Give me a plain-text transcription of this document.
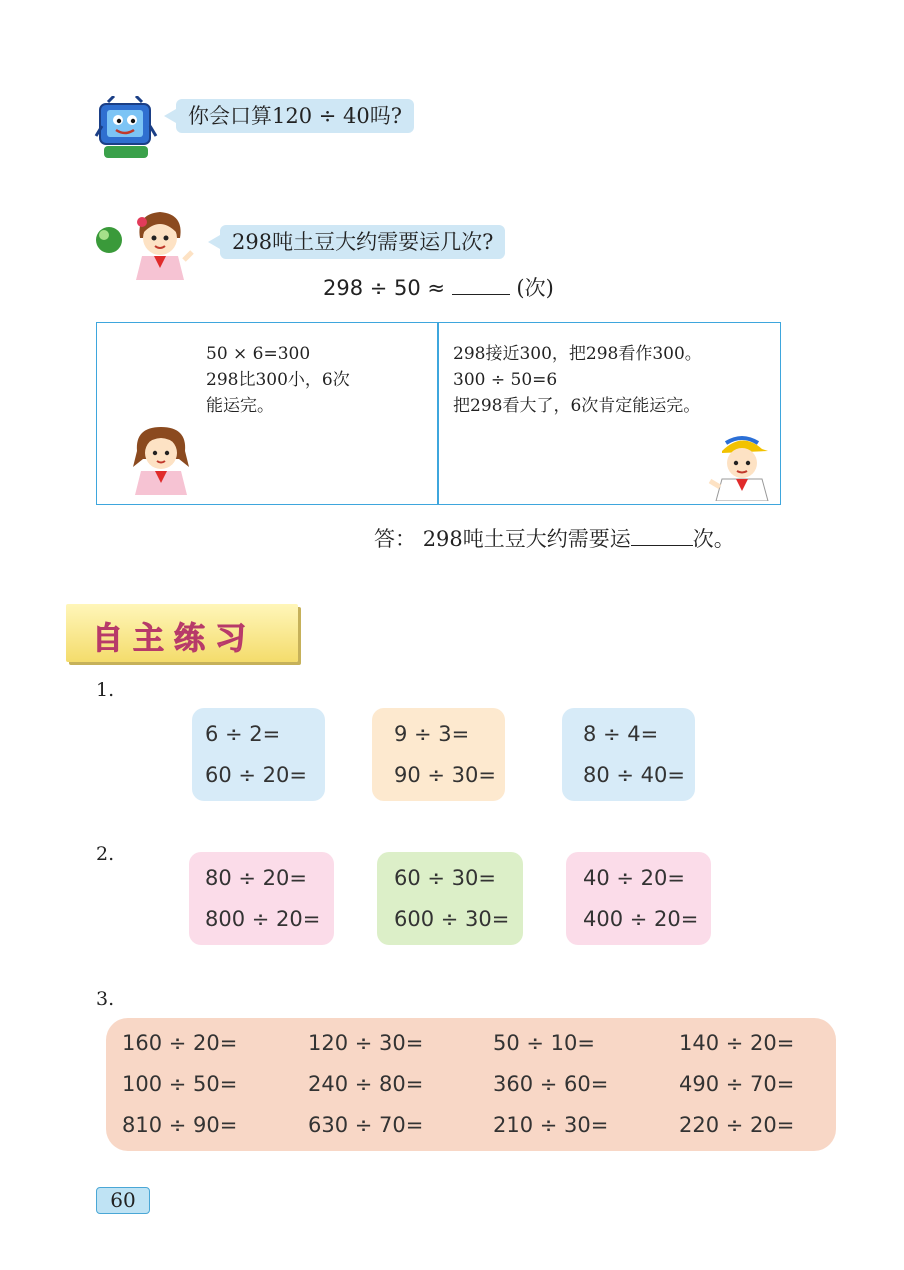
你会口算120 ÷ 40吗?
298吨土豆大约需要运几次?
298 ÷ 50 ≈	(次)
50 × 6=300
298比300小，6次
能运完。
298接近300，把298看作300。
300 ÷ 50=6
把298看大了，6次肯定能运完。
答： 298吨土豆大约需要运	次。
自主练习
1.
6 ÷ 2=
60 ÷ 20=
9 ÷ 3=
90 ÷ 30=
8 ÷ 4=
80 ÷ 40=
2.
80 ÷ 20=
800 ÷ 20=
60 ÷ 30=
600 ÷ 30=
40 ÷ 20=
400 ÷ 20=
3.
160 ÷ 20=	120 ÷ 30=	50 ÷ 10=	140 ÷ 20=
100 ÷ 50=	240 ÷ 80=	360 ÷ 60=	490 ÷ 70=
810 ÷ 90=	630 ÷ 70=	210 ÷ 30=	220 ÷ 20=
60
